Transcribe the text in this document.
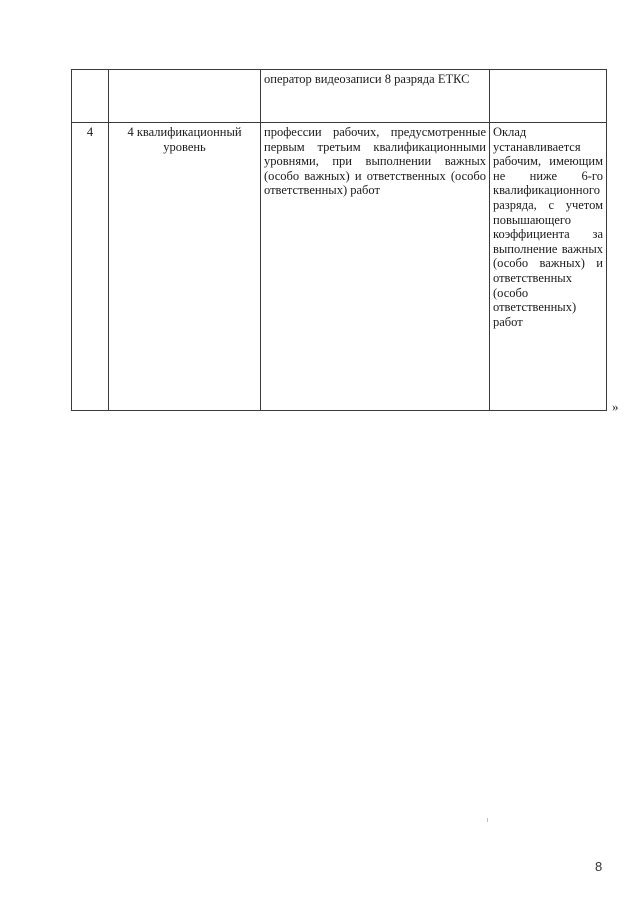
		оператор видеозаписи 8 разряда ЕТКС	

4	4 квалификационный уровень	профессии рабочих, предусмотренные первым третьим квалификационными уровнями, при выполнении важных (особо важных) и ответственных (особо ответственных) работ	Оклад устанавливается рабочим, имеющим не ниже 6-го квалификационного разряда, с учетом повышающего коэффициента за выполнение важных (особо важных) и ответственных (особо ответственных) работ
»
8
